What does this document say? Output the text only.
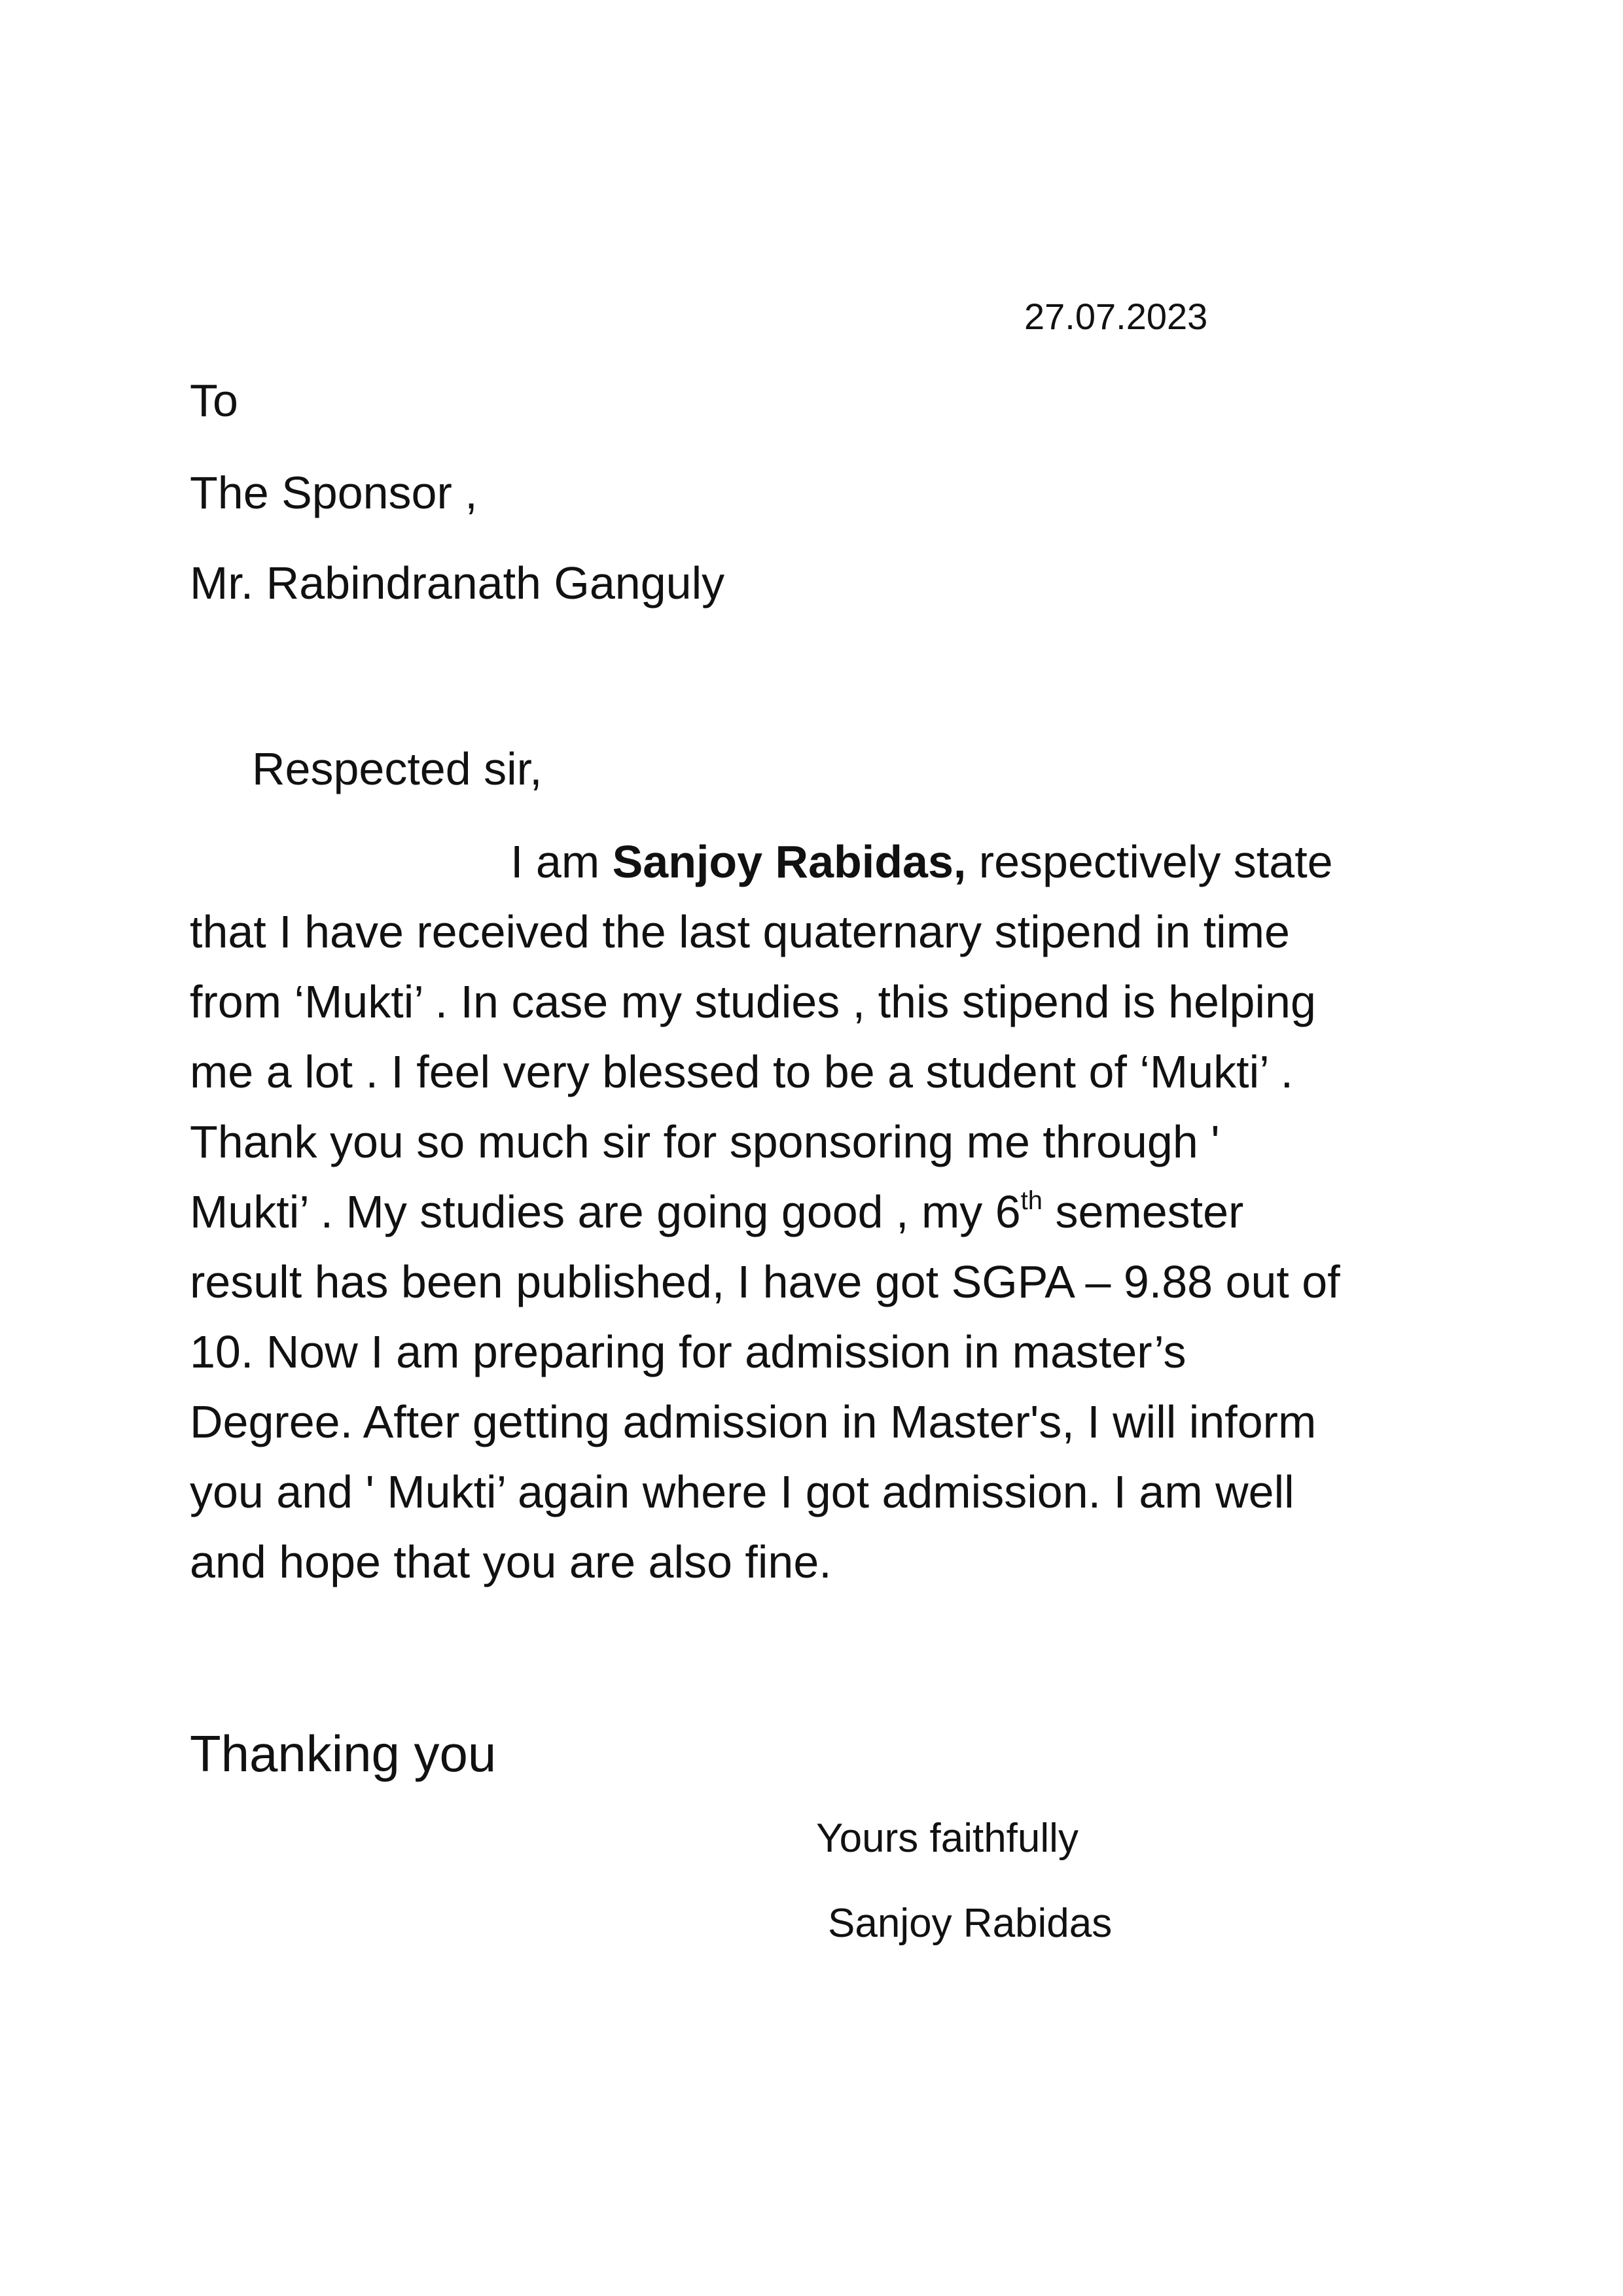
27.07.2023
To
The Sponsor ,
Mr. Rabindranath Ganguly
Respected sir,
I am Sanjoy Rabidas, respectively state
that I have received the last quaternary stipend in time
from ‘Mukti’ . In case my studies , this stipend is helping
me a lot . I feel very blessed to be a student of ‘Mukti’ .
Thank you so much sir for sponsoring me through '
Mukti’ . My studies are going good , my 6th semester
result has been published, I have got SGPA – 9.88 out of
10. Now I am preparing for admission in master’s
Degree. After getting admission in Master's, I will inform
you and ' Mukti’ again where I got admission. I am well
and hope that you are also fine.
Thanking you
Yours faithfully
Sanjoy Rabidas
